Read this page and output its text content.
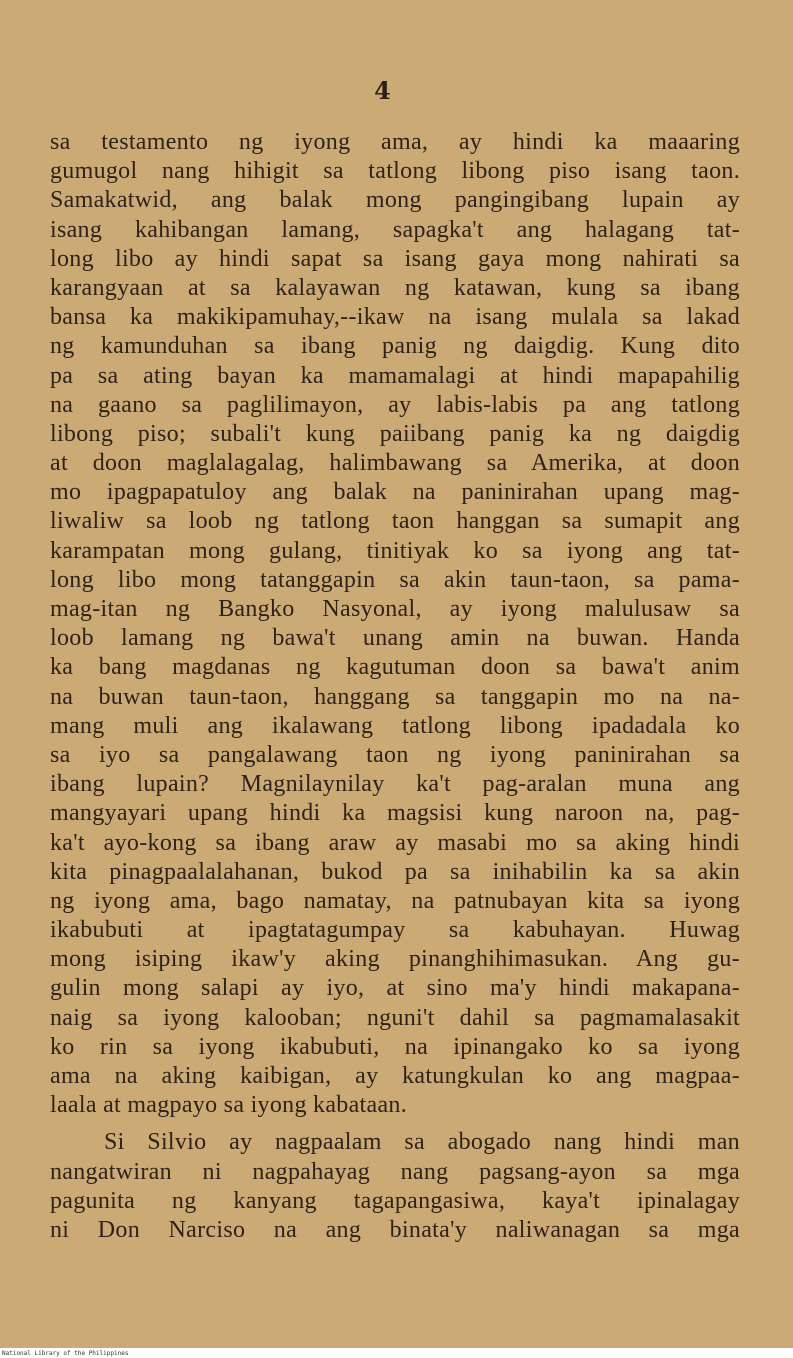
4
sa testamento ng iyong ama, ay hindi ka maaaring
gumugol nang hihigit sa tatlong libong piso isang taon.
Samakatwid, ang balak mong pangingibang lupain ay
isang kahibangan lamang, sapagka't ang halagang tat-
long libo ay hindi sapat sa isang gaya mong nahirati sa
karangyaan at sa kalayawan ng katawan, kung sa ibang
bansa ka makikipamuhay,--ikaw na isang mulala sa lakad
ng kamunduhan sa ibang panig ng daigdig. Kung dito
pa sa ating bayan ka mamamalagi at hindi mapapahilig
na gaano sa paglilimayon, ay labis-labis pa ang tatlong
libong piso; subali't kung paiibang panig ka ng daigdig
at doon maglalagalag, halimbawang sa Amerika, at doon
mo ipagpapatuloy ang balak na paninirahan upang mag-
liwaliw sa loob ng tatlong taon hanggan sa sumapit ang
karampatan mong gulang, tinitiyak ko sa iyong ang tat-
long libo mong tatanggapin sa akin taun-taon, sa pama-
mag-itan ng Bangko Nasyonal, ay iyong malulusaw sa
loob lamang ng bawa't unang amin na buwan. Handa
ka bang magdanas ng kagutuman doon sa bawa't anim
na buwan taun-taon, hanggang sa tanggapin mo na na-
mang muli ang ikalawang tatlong libong ipadadala ko
sa iyo sa pangalawang taon ng iyong paninirahan sa
ibang lupain? Magnilaynilay ka't pag-aralan muna ang
mangyayari upang hindi ka magsisi kung naroon na, pag-
ka't ayo-kong sa ibang araw ay masabi mo sa aking hindi
kita pinagpaalalahanan, bukod pa sa inihabilin ka sa akin
ng iyong ama, bago namatay, na patnubayan kita sa iyong
ikabubuti at ipagtatagumpay sa kabuhayan. Huwag
mong isiping ikaw'y aking pinanghihimasukan. Ang gu-
gulin mong salapi ay iyo, at sino ma'y hindi makapana-
naig sa iyong kalooban; nguni't dahil sa pagmamalasakit
ko rin sa iyong ikabubuti, na ipinangako ko sa iyong
ama na aking kaibigan, ay katungkulan ko ang magpaa-
laala at magpayo sa iyong kabataan.
Si Silvio ay nagpaalam sa abogado nang hindi man
nangatwiran ni nagpahayag nang pagsang-ayon sa mga
pagunita ng kanyang tagapangasiwa, kaya't ipinalagay
ni Don Narciso na ang binata'y naliwanagan sa mga
National Library of the Philippines
